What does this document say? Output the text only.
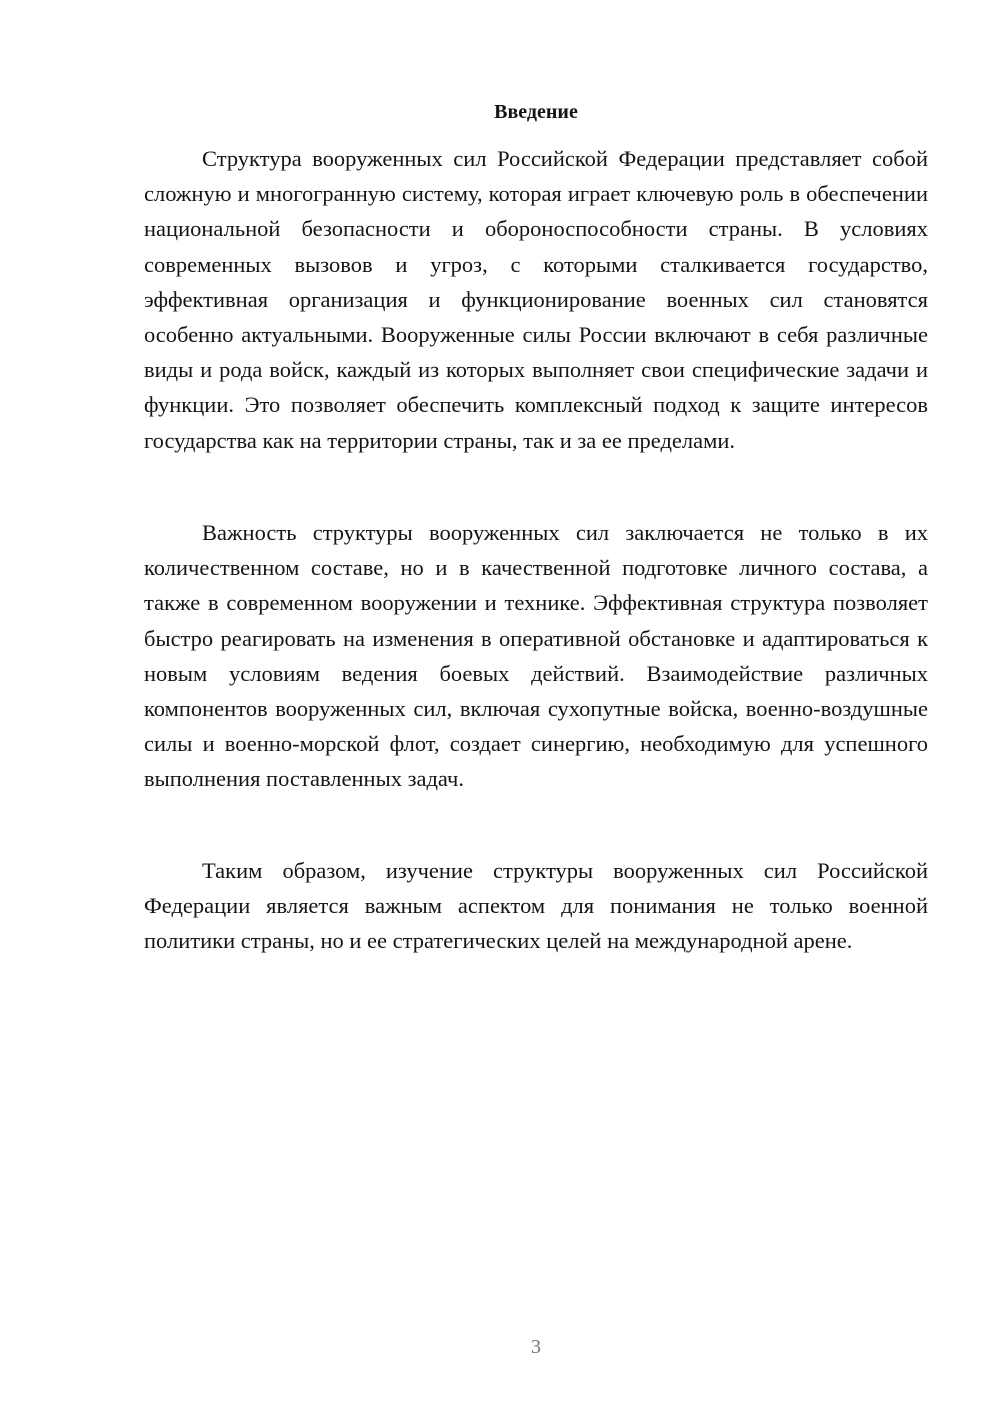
Введение

Структура вооруженных сил Российской Федерации представляет собой сложную и многогранную систему, которая играет ключевую роль в обеспечении национальной безопасности и обороноспособности страны. В условиях современных вызовов и угроз, с которыми сталкивается государство, эффективная организация и функционирование военных сил становятся особенно актуальными. Вооруженные силы России включают в себя различные виды и рода войск, каждый из которых выполняет свои специфические задачи и функции. Это позволяет обеспечить комплексный подход к защите интересов государства как на территории страны, так и за ее пределами.

Важность структуры вооруженных сил заключается не только в их количественном составе, но и в качественной подготовке личного состава, а также в современном вооружении и технике. Эффективная структура позволяет быстро реагировать на изменения в оперативной обстановке и адаптироваться к новым условиям ведения боевых действий. Взаимодействие различных компонентов вооруженных сил, включая сухопутные войска, военно-воздушные силы и военно-морской флот, создает синергию, необходимую для успешного выполнения поставленных задач.

Таким образом, изучение структуры вооруженных сил Российской Федерации является важным аспектом для понимания не только военной политики страны, но и ее стратегических целей на международной арене.

3
